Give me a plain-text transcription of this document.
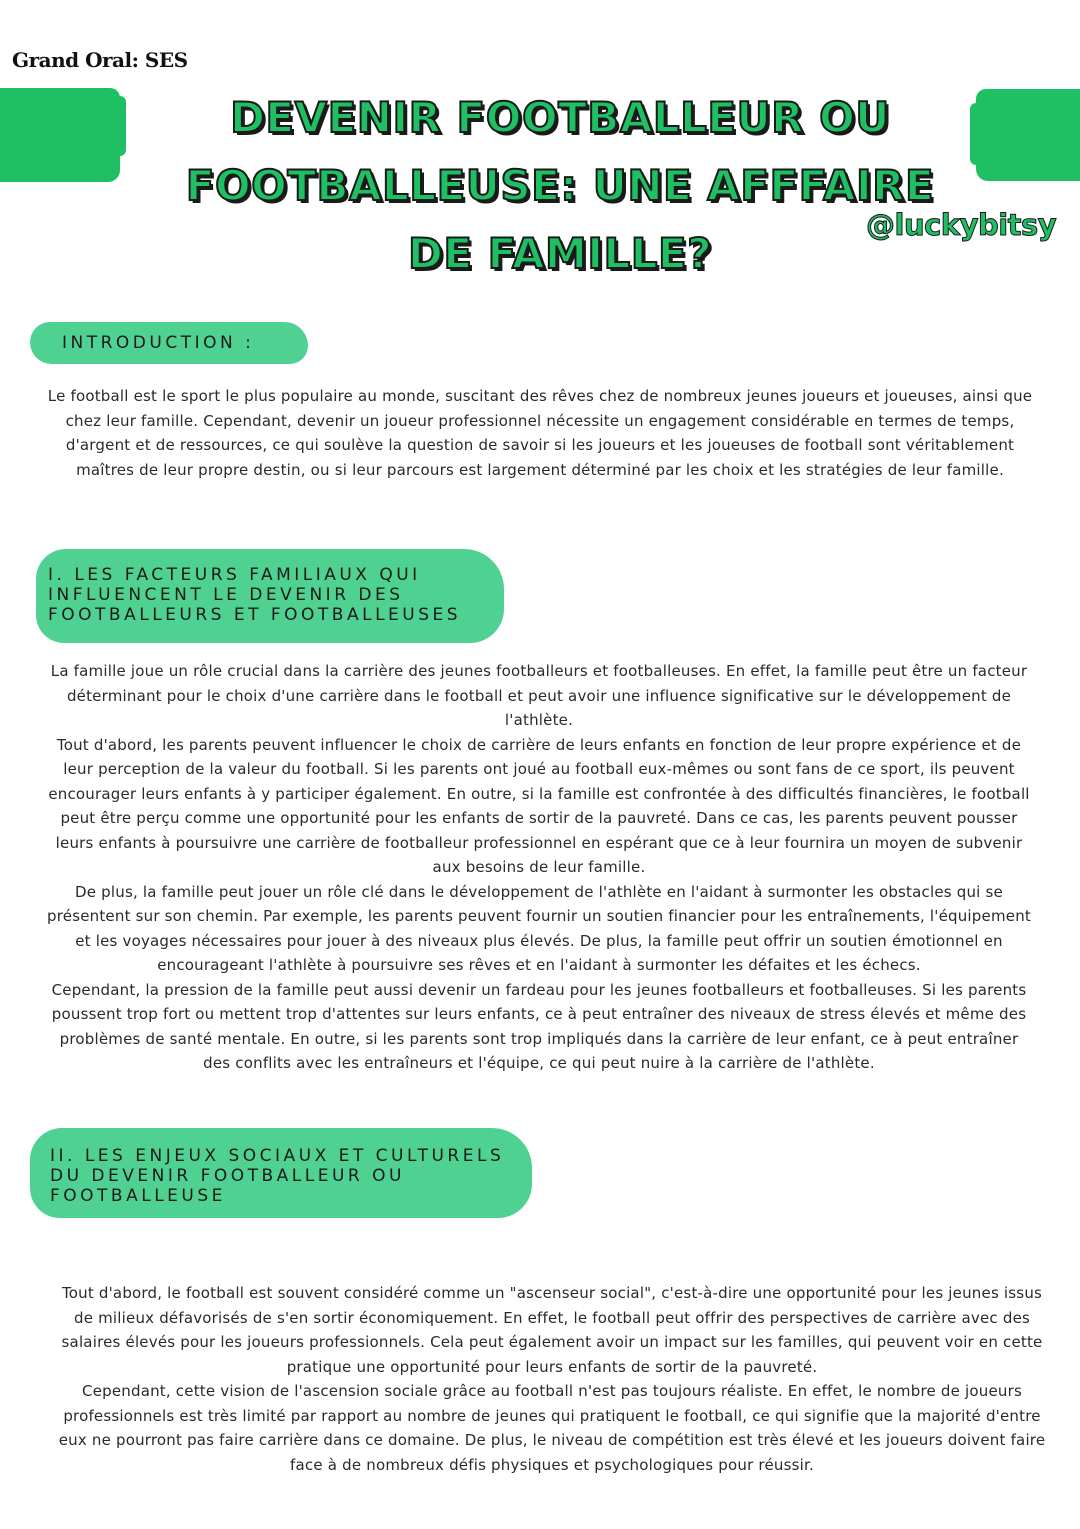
Grand Oral: SES
DEVENIR FOOTBALLEUR OU FOOTBALLEUSE: UNE AFFFAIRE DE FAMILLE?
@luckybitsy
INTRODUCTION :

Le football est le sport le plus populaire au monde, suscitant des rêves chez de nombreux jeunes joueurs et joueuses, ainsi que chez leur famille. Cependant, devenir un joueur professionnel nécessite un engagement considérable en termes de temps, d'argent et de ressources, ce qui soulève la question de savoir si les joueurs et les joueuses de football sont véritablement maîtres de leur propre destin, ou si leur parcours est largement déterminé par les choix et les stratégies de leur famille.

I. LES FACTEURS FAMILIAUX QUI INFLUENCENT LE DEVENIR DES FOOTBALLEURS ET FOOTBALLEUSES

La famille joue un rôle crucial dans la carrière des jeunes footballeurs et footballeuses. En effet, la famille peut être un facteur déterminant pour le choix d'une carrière dans le football et peut avoir une influence significative sur le développement de l'athlète.

Tout d'abord, les parents peuvent influencer le choix de carrière de leurs enfants en fonction de leur propre expérience et de leur perception de la valeur du football. Si les parents ont joué au football eux-mêmes ou sont fans de ce sport, ils peuvent encourager leurs enfants à y participer également. En outre, si la famille est confrontée à des difficultés financières, le football peut être perçu comme une opportunité pour les enfants de sortir de la pauvreté. Dans ce cas, les parents peuvent pousser leurs enfants à poursuivre une carrière de footballeur professionnel en espérant que ce à leur fournira un moyen de subvenir aux besoins de leur famille.

De plus, la famille peut jouer un rôle clé dans le développement de l'athlète en l'aidant à surmonter les obstacles qui se présentent sur son chemin. Par exemple, les parents peuvent fournir un soutien financier pour les entraînements, l'équipement et les voyages nécessaires pour jouer à des niveaux plus élevés. De plus, la famille peut offrir un soutien émotionnel en encourageant l'athlète à poursuivre ses rêves et en l'aidant à surmonter les défaites et les échecs.

Cependant, la pression de la famille peut aussi devenir un fardeau pour les jeunes footballeurs et footballeuses. Si les parents poussent trop fort ou mettent trop d'attentes sur leurs enfants, ce à peut entraîner des niveaux de stress élevés et même des problèmes de santé mentale. En outre, si les parents sont trop impliqués dans la carrière de leur enfant, ce à peut entraîner des conflits avec les entraîneurs et l'équipe, ce qui peut nuire à la carrière de l'athlète.

II. LES ENJEUX SOCIAUX ET CULTURELS DU DEVENIR FOOTBALLEUR OU FOOTBALLEUSE

Tout d'abord, le football est souvent considéré comme un "ascenseur social", c'est-à-dire une opportunité pour les jeunes issus de milieux défavorisés de s'en sortir économiquement. En effet, le football peut offrir des perspectives de carrière avec des salaires élevés pour les joueurs professionnels. Cela peut également avoir un impact sur les familles, qui peuvent voir en cette pratique une opportunité pour leurs enfants de sortir de la pauvreté.

Cependant, cette vision de l'ascension sociale grâce au football n'est pas toujours réaliste. En effet, le nombre de joueurs professionnels est très limité par rapport au nombre de jeunes qui pratiquent le football, ce qui signifie que la majorité d'entre eux ne pourront pas faire carrière dans ce domaine. De plus, le niveau de compétition est très élevé et les joueurs doivent faire face à de nombreux défis physiques et psychologiques pour réussir.
